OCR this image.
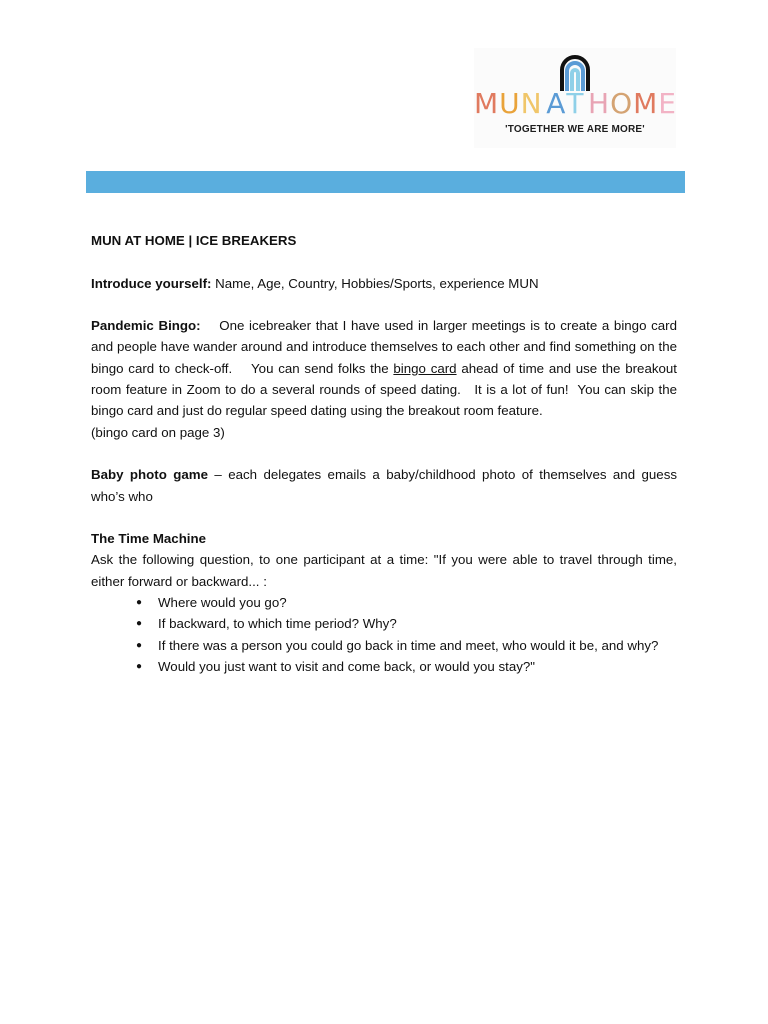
M U N A T H O M E
'TOGETHER WE ARE MORE'

MUN AT HOME | ICE BREAKERS

Introduce yourself: Name, Age, Country, Hobbies/Sports, experience MUN

Pandemic Bingo:    One icebreaker that I have used in larger meetings is to create a bingo card and people have wander around and introduce themselves to each other and find something on the bingo card to check-off.    You can send folks the bingo card ahead of time and use the breakout room feature in Zoom to do a several rounds of speed dating.   It is a lot of fun!  You can skip the bingo card and just do regular speed dating using the breakout room feature.

(bingo card on page 3)

Baby photo game – each delegates emails a baby/childhood photo of themselves and guess who’s who

The Time Machine

Ask the following question, to one participant at a time: "If you were able to travel through time, either forward or backward... :

● Where would you go?
● If backward, to which time period? Why?
● If there was a person you could go back in time and meet, who would it be, and why?
● Would you just want to visit and come back, or would you stay?"
